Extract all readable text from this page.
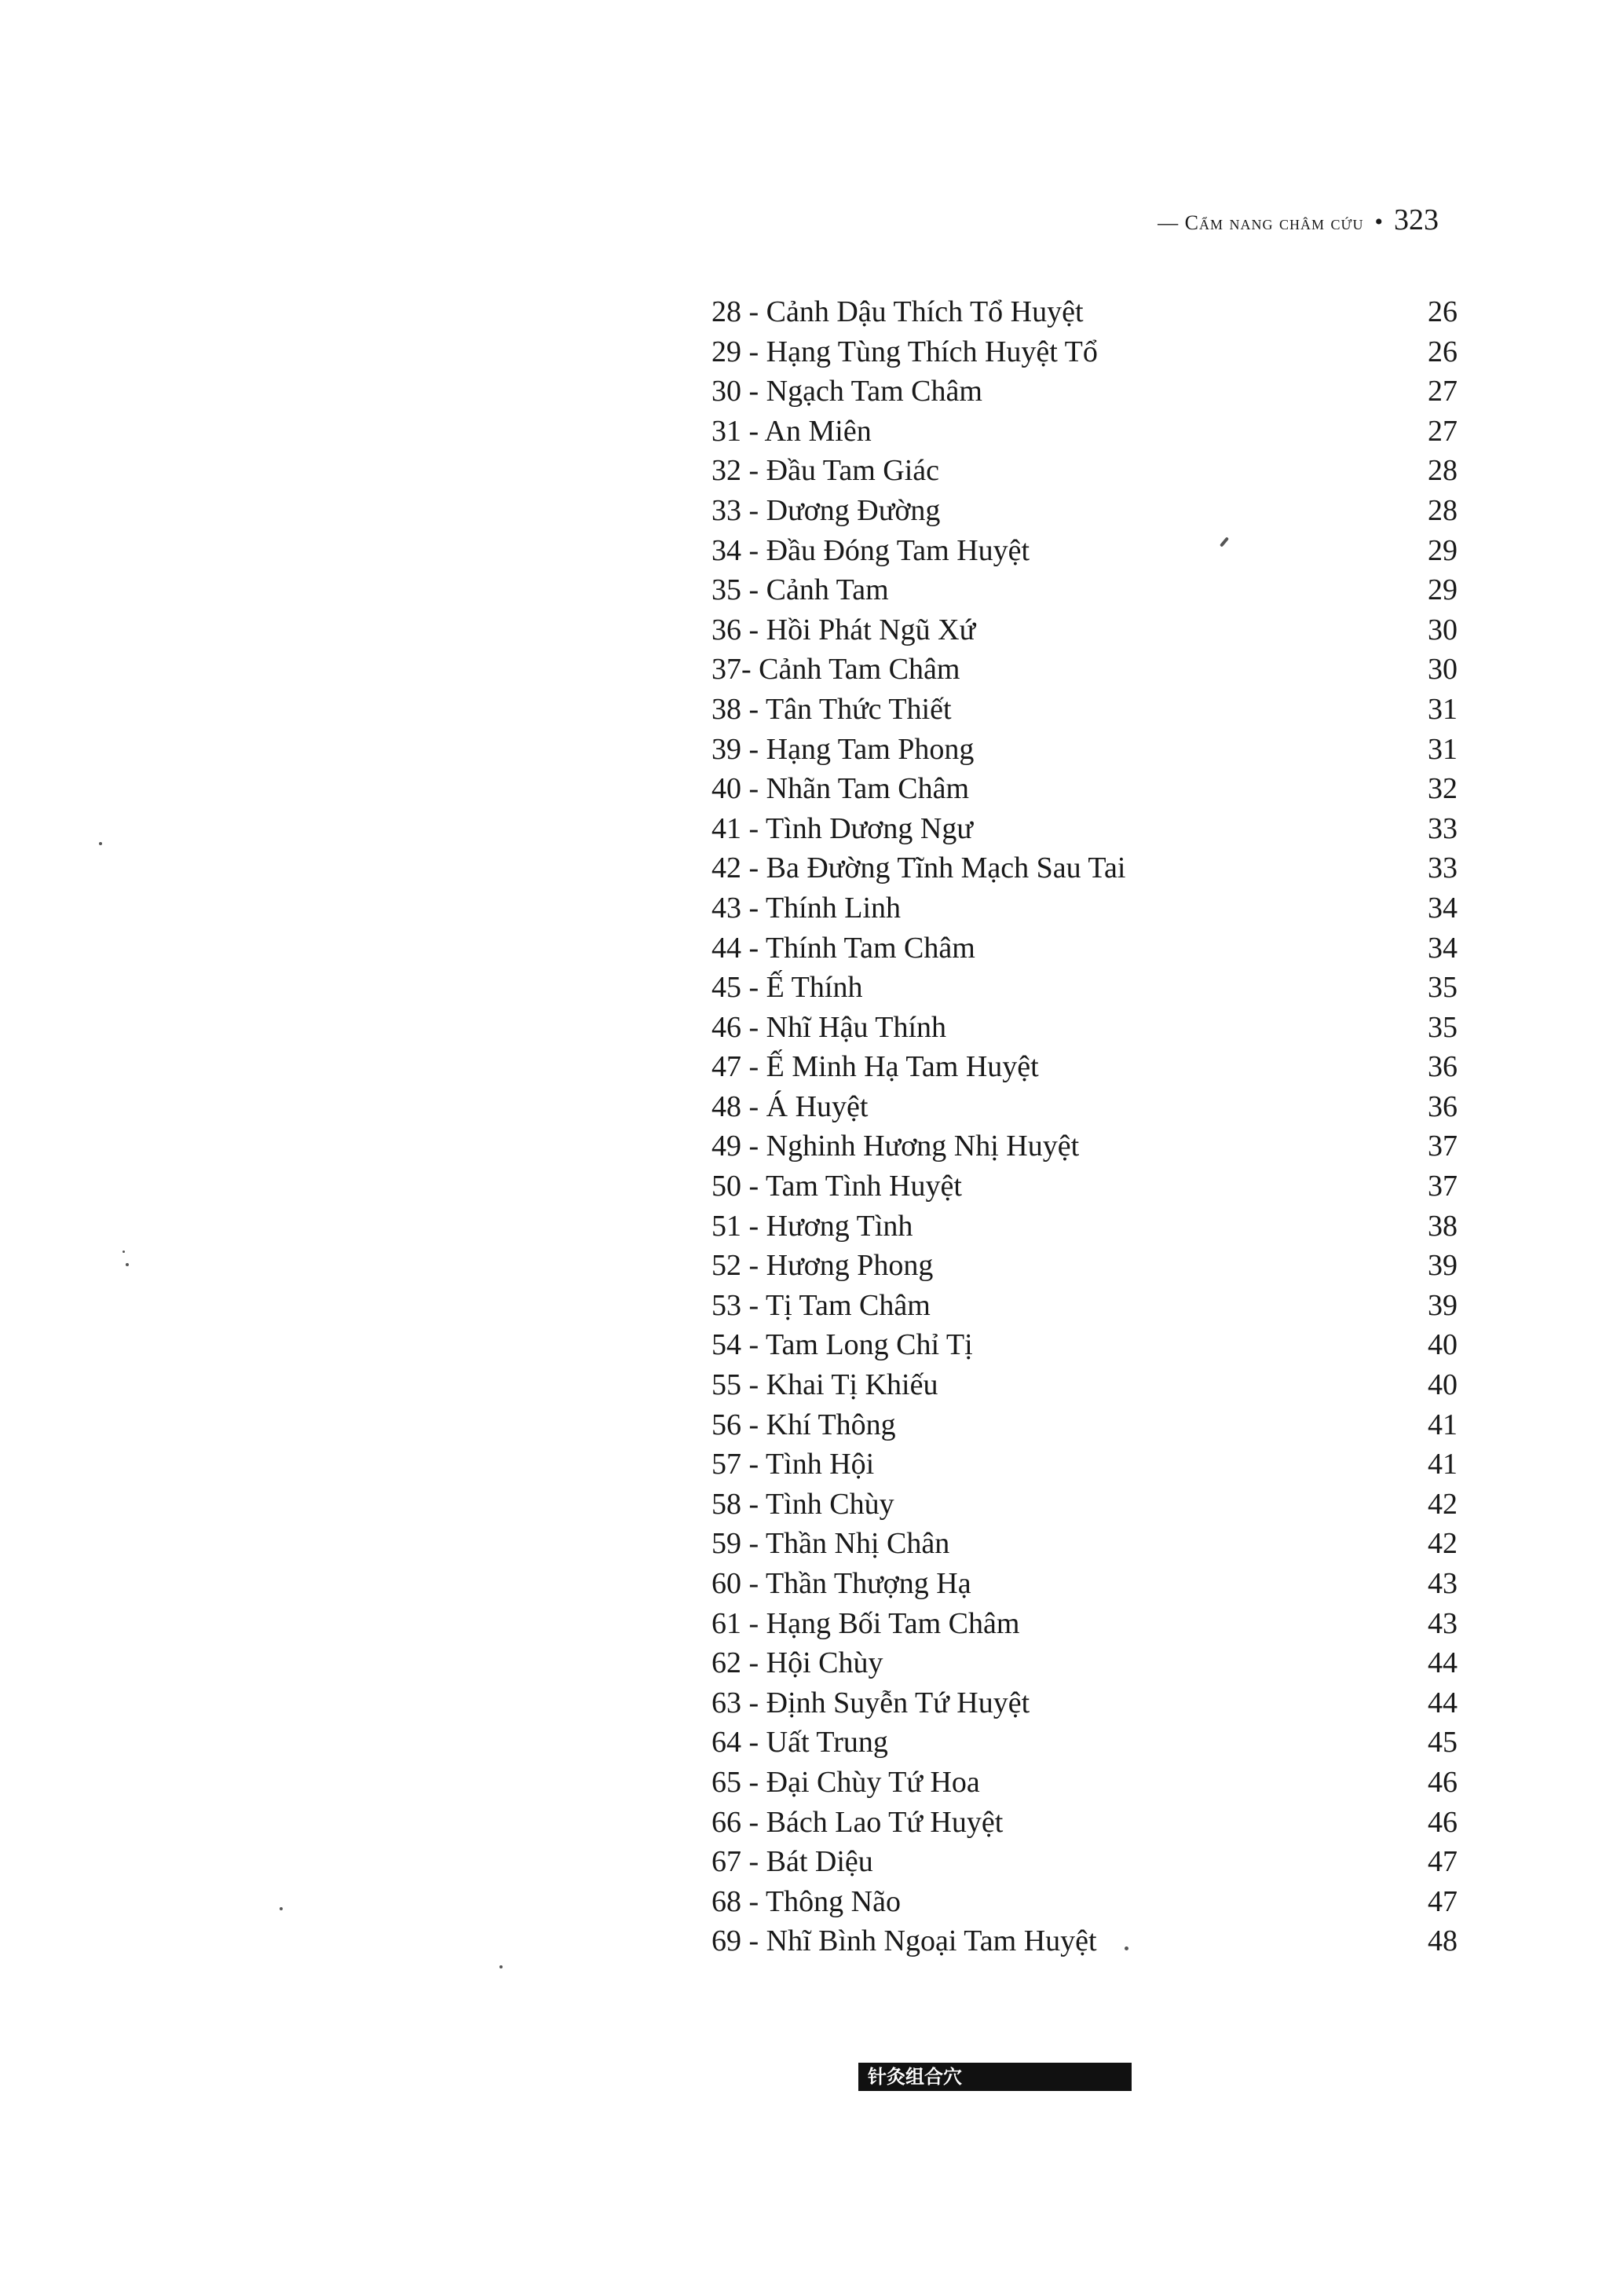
— Cẩm nang châm cứu • 323
28 - Cảnh Dậu Thích Tổ Huyệt	26
29 - Hạng Tùng Thích Huyệt Tổ	26
30 - Ngạch Tam Châm	27
31 - An Miên	27
32 - Đầu Tam Giác	28
33 - Dương Đường	28
34 - Đầu Đóng Tam Huyệt	29
35 - Cảnh Tam	29
36 - Hồi Phát Ngũ Xứ	30
37- Cảnh Tam Châm	30
38 - Tân Thức Thiết	31
39 - Hạng Tam Phong	31
40 - Nhãn Tam Châm	32
41 - Tình Dương Ngư	33
42 - Ba Đường Tĩnh Mạch Sau Tai	33
43 - Thính Linh	34
44 - Thính Tam Châm	34
45 - Ế Thính	35
46 - Nhĩ Hậu Thính	35
47 - Ế Minh Hạ Tam Huyệt	36
48 - Á Huyệt	36
49 - Nghinh Hương Nhị Huyệt	37
50 - Tam Tình Huyệt	37
51 - Hương Tình	38
52 - Hương Phong	39
53 - Tị Tam Châm	39
54 - Tam Long Chỉ Tị	40
55 - Khai Tị Khiếu	40
56 - Khí Thông	41
57 - Tình Hội	41
58 - Tình Chùy	42
59 - Thần Nhị Chân	42
60 - Thần Thượng Hạ	43
61 - Hạng Bối Tam Châm	43
62 - Hội Chùy	44
63 - Định Suyễn Tứ Huyệt	44
64 - Uất Trung	45
65 - Đại Chùy Tứ Hoa	46
66 - Bách Lao Tứ Huyệt	46
67 - Bát Diệu	47
68 - Thông Não	47
69 - Nhĩ Bình Ngoại Tam Huyệt	48
针灸组合穴
